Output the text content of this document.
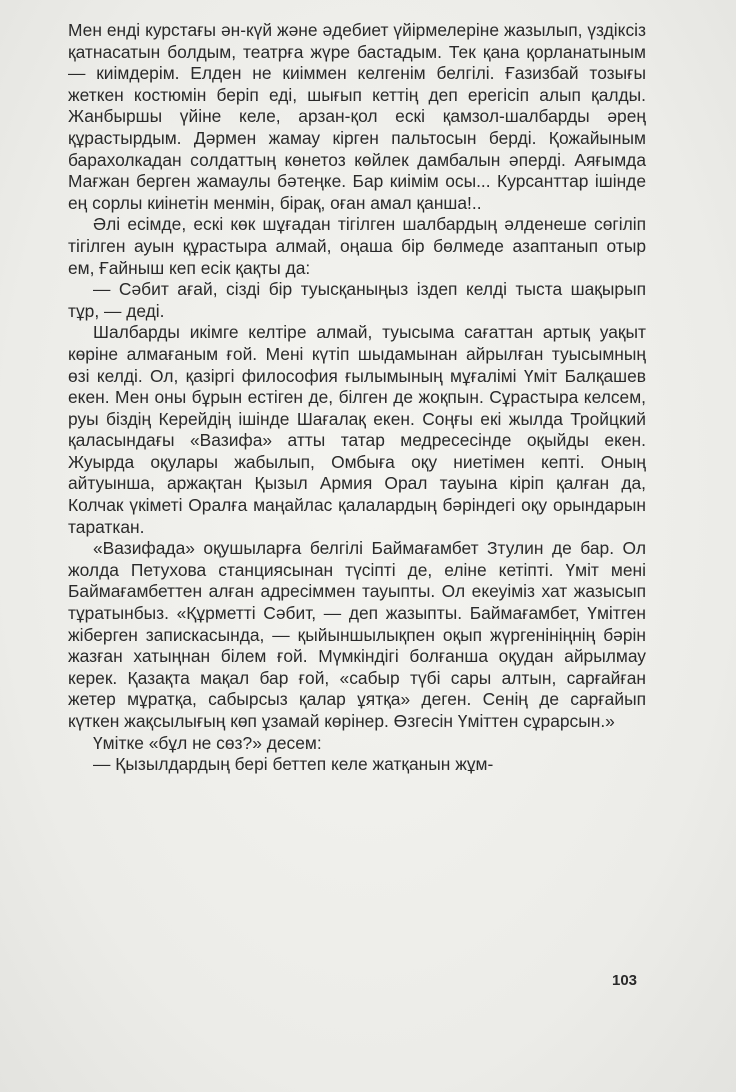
Мен енді курстағы ән-күй және әдебиет үйірмелеріне жазылып, үздіксіз қатнасатын болдым, театрға жүре бастадым. Тек қана қорланатыным — киімдерім. Елден не киіммен келгенім белгілі. Ғазизбай тозығы жеткен костюмін беріп еді, шығып кеттің деп ерегісіп алып қалды. Жанбыршы үйіне келе, арзан-қол ескі қамзол-шалбарды әрең құрастырдым. Дәрмен жамау кірген пальтосын берді. Қожайыным барахолкадан солдаттың көнетоз көйлек дамбалын әперді. Аяғымда Мағжан берген жамаулы бәтеңке. Бар киімім осы... Курсанттар ішінде ең сорлы киінетін менмін, бірақ, оған амал қанша!..

Әлі есімде, ескі көк шұғадан тігілген шалбардың әлденеше сөгіліп тігілген ауын құрастыра алмай, оңаша бір бөлмеде азаптанып отыр ем, Ғайныш кеп есік қақты да:

— Сәбит ағай, сізді бір туысқаныңыз іздеп келді тыста шақырып тұр, — деді.

Шалбарды икімге келтіре алмай, туысыма сағаттан артық уақыт көріне алмағаным ғой. Мені күтіп шыдамынан айрылған туысымның өзі келді. Ол, қазіргі философия ғылымының мұғалімі Үміт Балқашев екен. Мен оны бұрын естіген де, білген де жоқпын. Сұрастыра келсем, руы біздің Керейдің ішінде Шағалақ екен. Соңғы екі жылда Тройцкий қаласындағы «Вазифа» атты татар медресесінде оқыйды екен. Жуырда оқулары жабылып, Омбыға оқу ниетімен кепті. Оның айтуынша, аржақтан Қызыл Армия Орал тауына кіріп қалған да, Колчак үкіметі Оралға маңайлас қалалардың бәріндегі оқу орындарын тараткан.

«Вазифада» оқушыларға белгілі Баймағамбет Зтулин де бар. Ол жолда Петухова станциясынан түсіпті де, еліне кетіпті. Үміт мені Баймағамбеттен алған адресіммен тауыпты. Ол екеуіміз хат жазысып тұратынбыз. «Құрметті Сәбит, — деп жазыпты. Баймағамбет, Үмітген жіберген запискасында, — қыйыншылықпен оқып жүргенініңнің бәрін жазған хатыңнан білем ғой. Мүмкіндігі болғанша оқудан айрылмау керек. Қазақта мақал бар ғой, «сабыр түбі сары алтын, сарғайған жетер мұратқа, сабырсыз қалар ұятқа» деген. Сенің де сарғайып күткен жақсылығың көп ұзамай көрінер. Өзгесін Үміттен сұрарсын.»

Үмітке «бұл не сөз?» десем:

— Қызылдардың бері беттеп келе жатқанын жұм-

103
